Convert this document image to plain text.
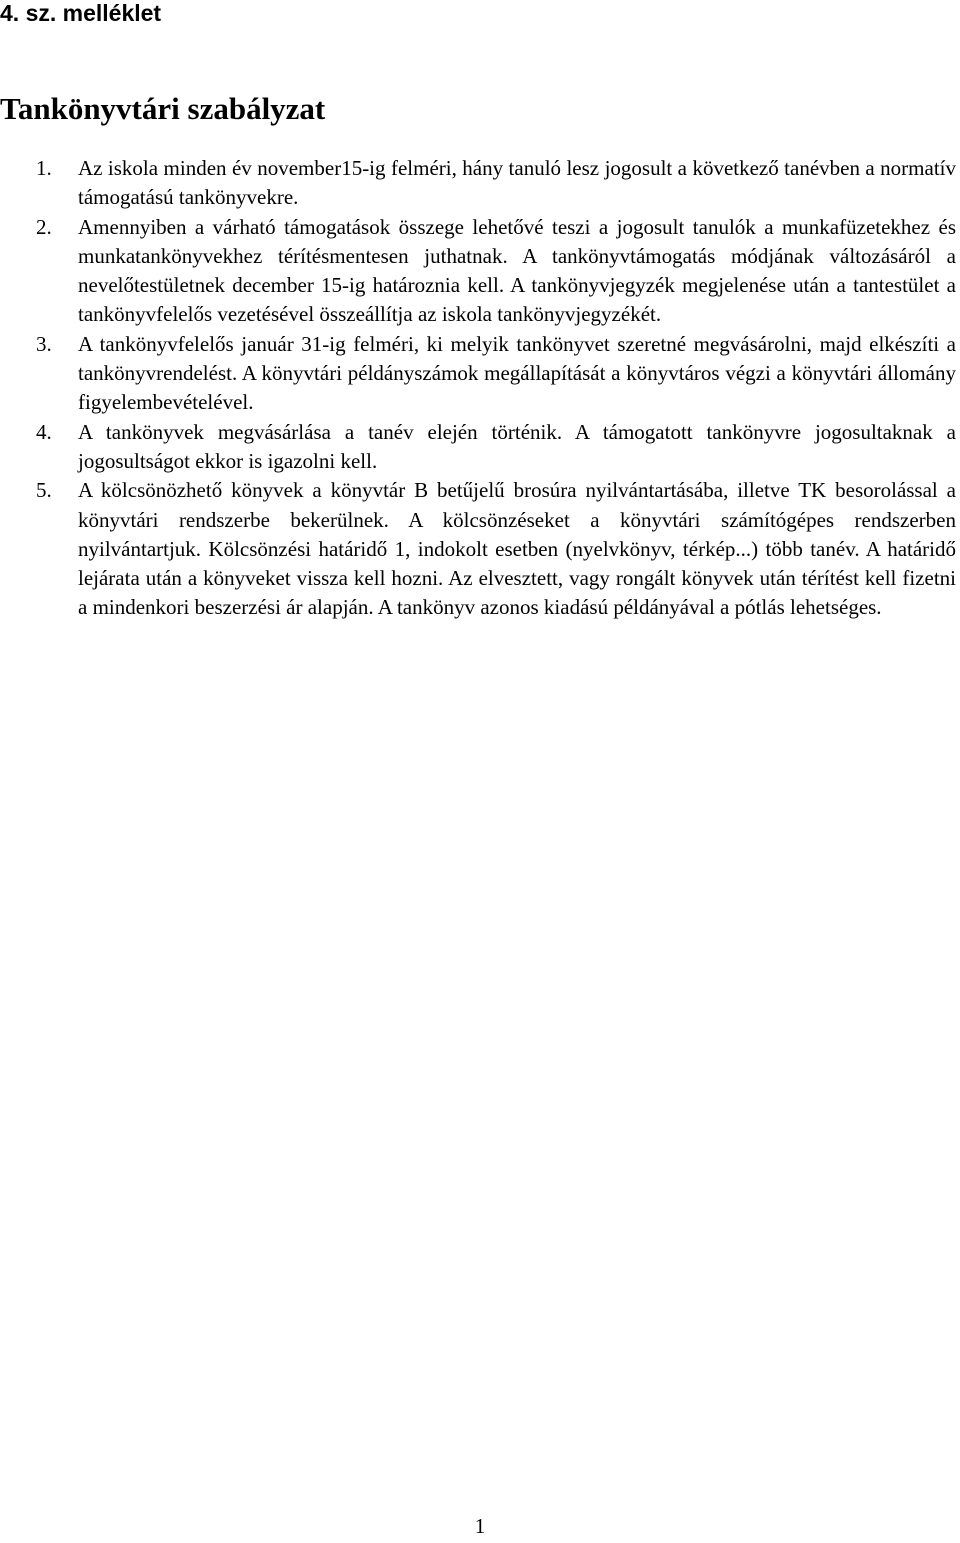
4. sz. melléklet
Tankönyvtári szabályzat
1. Az iskola minden év november15-ig felméri, hány tanuló lesz jogosult a következő tanévben a normatív támogatású tankönyvekre.
2. Amennyiben a várható támogatások összege lehetővé teszi a jogosult tanulók a munkafüzetekhez és munkatankönyvekhez térítésmentesen juthatnak. A tankönyvtámogatás módjának változásáról a nevelőtestületnek december 15-ig határoznia kell. A tankönyvjegyzék megjelenése után a tantestület a tankönyvfelelős vezetésével összeállítja az iskola tankönyvjegyzékét.
3. A tankönyvfelelős január 31-ig felméri, ki melyik tankönyvet szeretné megvásárolni, majd elkészíti a tankönyvrendelést. A könyvtári példányszámok megállapítását a könyvtáros végzi a könyvtári állomány figyelembevételével.
4. A tankönyvek megvásárlása a tanév elején történik. A támogatott tankönyvre jogosultaknak a jogosultságot ekkor is igazolni kell.
5. A kölcsönözhető könyvek a könyvtár B betűjelű brosúra nyilvántartásába, illetve TK besorolással a könyvtári rendszerbe bekerülnek. A kölcsönzéseket a könyvtári számítógépes rendszerben nyilvántartjuk. Kölcsönzési határidő 1, indokolt esetben (nyelvkönyv, térkép...) több tanév. A határidő lejárata után a könyveket vissza kell hozni. Az elvesztett, vagy rongált könyvek után térítést kell fizetni a mindenkori beszerzési ár alapján. A tankönyv azonos kiadású példányával a pótlás lehetséges.
1
